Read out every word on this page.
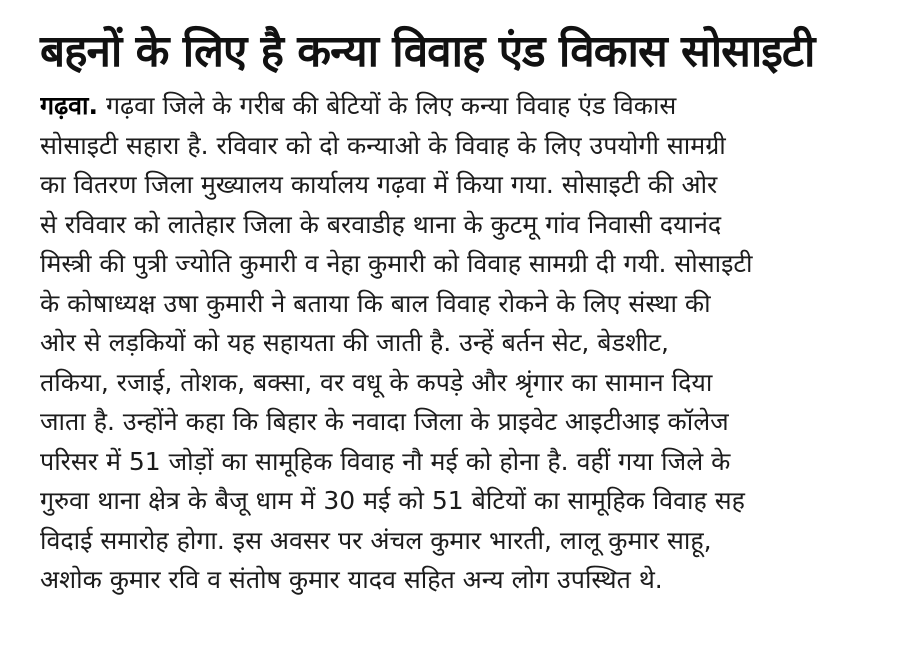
बहनों के लिए है कन्या विवाह एंड विकास सोसाइटी
गढ़वा. गढ़वा जिले के गरीब की बेटियों के लिए कन्या विवाह एंड विकास
सोसाइटी सहारा है. रविवार को दो कन्याओ के विवाह के लिए उपयोगी सामग्री
का वितरण जिला मुख्यालय कार्यालय गढ़वा में किया गया. सोसाइटी की ओर
से रविवार को लातेहार जिला के बरवाडीह थाना के कुटमू गांव निवासी दयानंद
मिस्त्री की पुत्री ज्योति कुमारी व नेहा कुमारी को विवाह सामग्री दी गयी. सोसाइटी
के कोषाध्यक्ष उषा कुमारी ने बताया कि बाल विवाह रोकने के लिए संस्था की
ओर से लड़कियों को यह सहायता की जाती है. उन्हें बर्तन सेट, बेडशीट,
तकिया, रजाई, तोशक, बक्सा, वर वधू के कपड़े और श्रृंगार का सामान दिया
जाता है. उन्होंने कहा कि बिहार के नवादा जिला के प्राइवेट आइटीआइ कॉलेज
परिसर में 51 जोड़ों का सामूहिक विवाह नौ मई को होना है. वहीं गया जिले के
गुरुवा थाना क्षेत्र के बैजू धाम में 30 मई को 51 बेटियों का सामूहिक विवाह सह
विदाई समारोह होगा. इस अवसर पर अंचल कुमार भारती, लालू कुमार साहू,
अशोक कुमार रवि व संतोष कुमार यादव सहित अन्य लोग उपस्थित थे.
